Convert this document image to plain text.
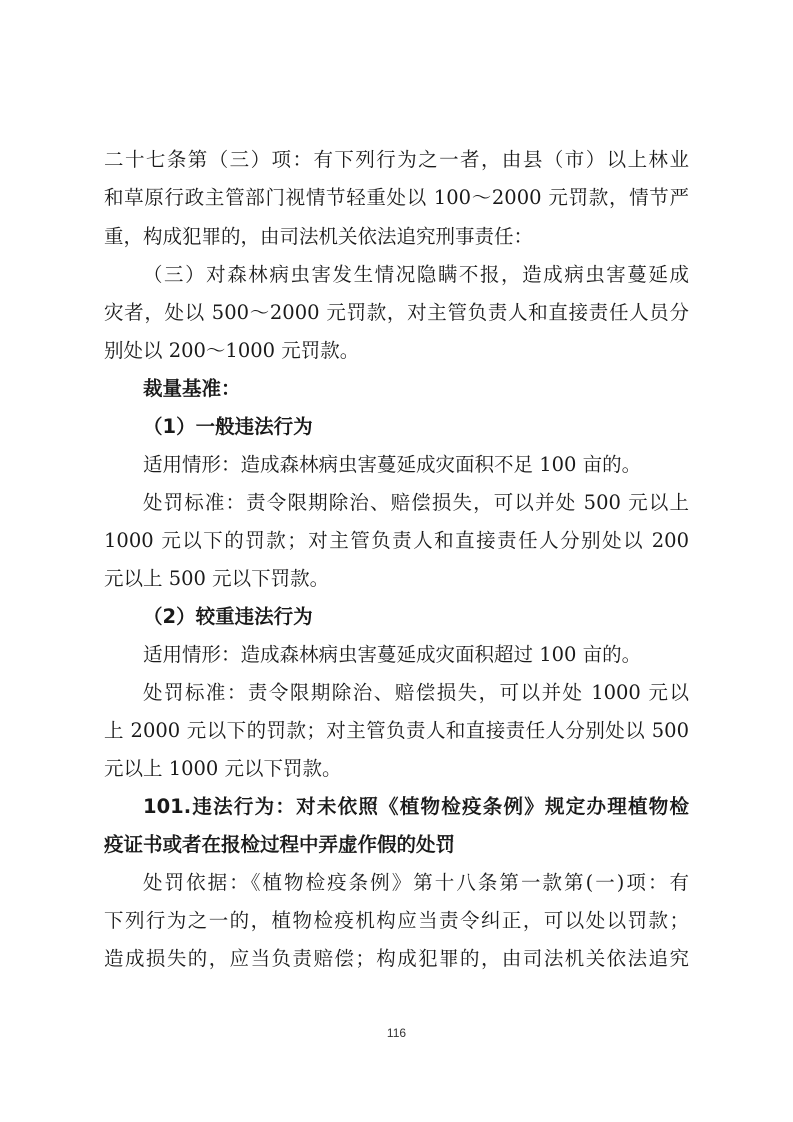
二十七条第（三）项：有下列行为之一者，由县（市）以上林业
和草原行政主管部门视情节轻重处以 100～2000 元罚款，情节严
重，构成犯罪的，由司法机关依法追究刑事责任：
（三）对森林病虫害发生情况隐瞒不报，造成病虫害蔓延成
灾者，处以 500～2000 元罚款，对主管负责人和直接责任人员分
别处以 200～1000 元罚款。
裁量基准：
（1）一般违法行为
适用情形：造成森林病虫害蔓延成灾面积不足 100 亩的。
处罚标准：责令限期除治、赔偿损失，可以并处 500 元以上
1000 元以下的罚款；对主管负责人和直接责任人分别处以 200
元以上 500 元以下罚款。
（2）较重违法行为
适用情形：造成森林病虫害蔓延成灾面积超过 100 亩的。
处罚标准：责令限期除治、赔偿损失，可以并处 1000 元以
上 2000 元以下的罚款；对主管负责人和直接责任人分别处以 500
元以上 1000 元以下罚款。
101.违法行为：对未依照《植物检疫条例》规定办理植物检
疫证书或者在报检过程中弄虚作假的处罚
处罚依据：《植物检疫条例》第十八条第一款第(一)项：有
下列行为之一的，植物检疫机构应当责令纠正，可以处以罚款；
造成损失的，应当负责赔偿；构成犯罪的，由司法机关依法追究
116
